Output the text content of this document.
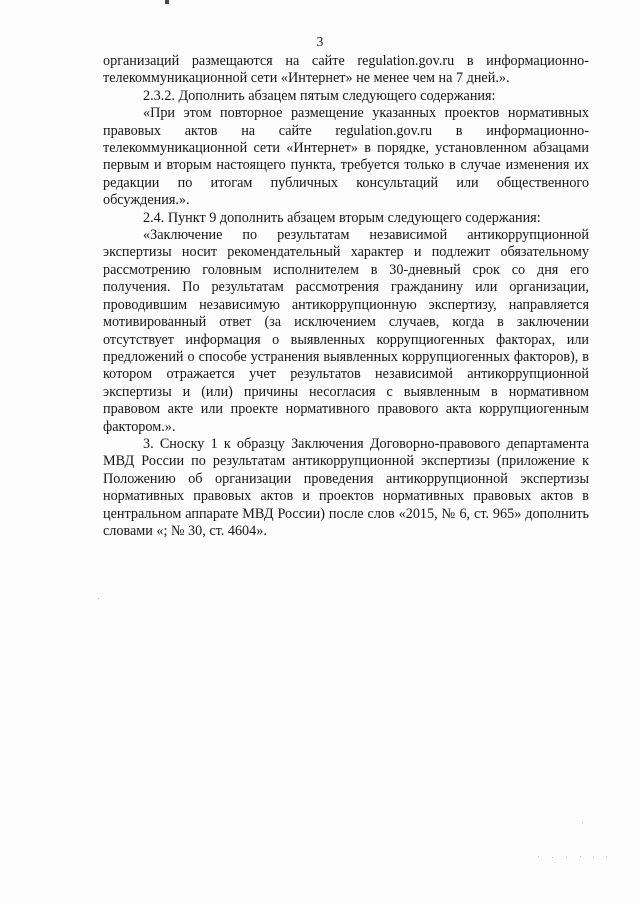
3

организаций размещаются на сайте regulation.gov.ru в информационно-телекоммуникационной сети «Интернет» не менее чем на 7 дней.».

2.3.2. Дополнить абзацем пятым следующего содержания:

«При этом повторное размещение указанных проектов нормативных правовых актов на сайте regulation.gov.ru в информационно-телекоммуникационной сети «Интернет» в порядке, установленном абзацами первым и вторым настоящего пункта, требуется только в случае изменения их редакции по итогам публичных консультаций или общественного обсуждения.».

2.4. Пункт 9 дополнить абзацем вторым следующего содержания:

«Заключение по результатам независимой антикоррупционной экспертизы носит рекомендательный характер и подлежит обязательному рассмотрению головным исполнителем в 30-дневный срок со дня его получения. По результатам рассмотрения гражданину или организации, проводившим независимую антикоррупционную экспертизу, направляется мотивированный ответ (за исключением случаев, когда в заключении отсутствует информация о выявленных коррупциогенных факторах, или предложений о способе устранения выявленных коррупциогенных факторов), в котором отражается учет результатов независимой антикоррупционной экспертизы и (или) причины несогласия с выявленным в нормативном правовом акте или проекте нормативного правового акта коррупциогенным фактором.».

3. Сноску 1 к образцу Заключения Договорно-правового департамента МВД России по результатам антикоррупционной экспертизы (приложение к Положению об организации проведения антикоррупционной экспертизы нормативных правовых актов и проектов нормативных правовых актов в центральном аппарате МВД России) после слов «2015, № 6, ст. 965» дополнить словами «; № 30, ст. 4604».
